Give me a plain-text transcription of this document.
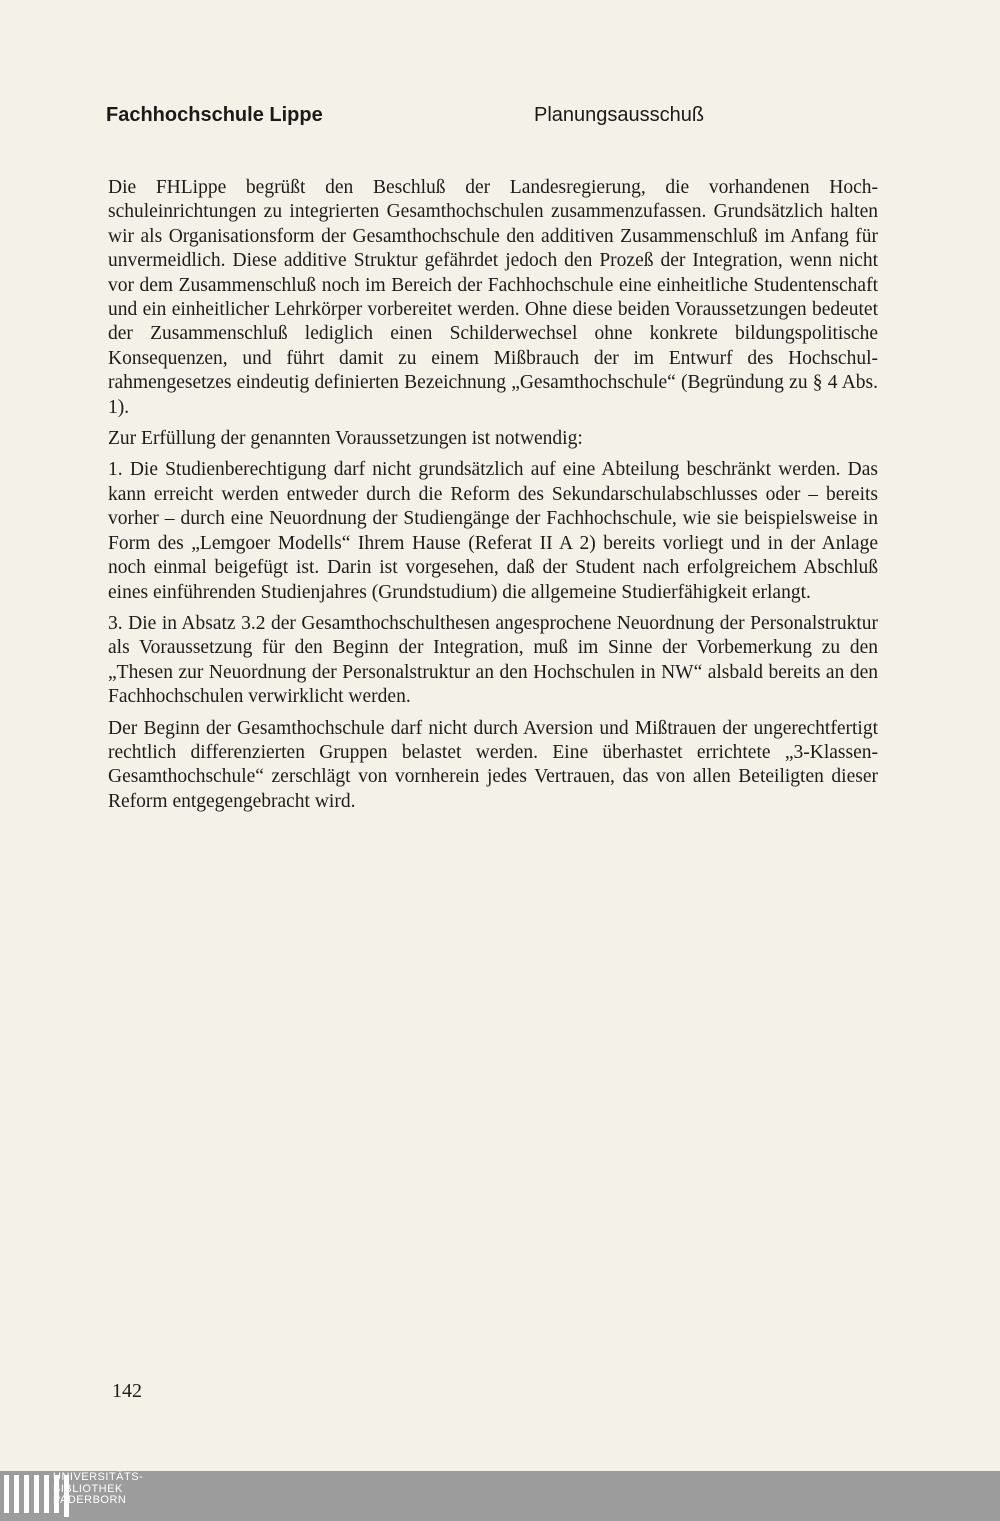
Fachhochschule Lippe	Planungsausschuß

Die FHLippe begrüßt den Beschluß der Landesregierung, die vorhandenen Hochschuleinrichtungen zu integrierten Gesamthochschulen zusammenzufassen. Grundsätzlich halten wir als Organisationsform der Gesamthochschule den additiven Zusammenschluß im Anfang für unvermeidlich. Diese additive Struktur gefährdet jedoch den Prozeß der Integration, wenn nicht vor dem Zusammenschluß noch im Bereich der Fachhochschule eine einheitliche Studentenschaft und ein einheitlicher Lehrkörper vorbereitet werden. Ohne diese beiden Voraussetzungen bedeutet der Zusammenschluß lediglich einen Schilderwechsel ohne konkrete bildungspolitische Konsequenzen, und führt damit zu einem Mißbrauch der im Entwurf des Hochschulrahmengesetzes eindeutig definierten Bezeichnung „Gesamthochschule“ (Begründung zu § 4 Abs. 1).

Zur Erfüllung der genannten Voraussetzungen ist notwendig:

1. Die Studienberechtigung darf nicht grundsätzlich auf eine Abteilung beschränkt werden. Das kann erreicht werden entweder durch die Reform des Sekundarschulabschlusses oder – bereits vorher – durch eine Neuordnung der Studiengänge der Fachhochschule, wie sie beispielsweise in Form des „Lemgoer Modells“ Ihrem Hause (Referat II A 2) bereits vorliegt und in der Anlage noch einmal beigefügt ist. Darin ist vorgesehen, daß der Student nach erfolgreichem Abschluß eines einführenden Studienjahres (Grundstudium) die allgemeine Studierfähigkeit erlangt.

3. Die in Absatz 3.2 der Gesamthochschulthesen angesprochene Neuordnung der Personalstruktur als Voraussetzung für den Beginn der Integration, muß im Sinne der Vorbemerkung zu den „Thesen zur Neuordnung der Personalstruktur an den Hochschulen in NW“ alsbald bereits an den Fachhochschulen verwirklicht werden.

Der Beginn der Gesamthochschule darf nicht durch Aversion und Mißtrauen der ungerechtfertigt rechtlich differenzierten Gruppen belastet werden. Eine überhastet errichtete „3-Klassen-Gesamthochschule“ zerschlägt von vornherein jedes Vertrauen, das von allen Beteiligten dieser Reform entgegengebracht wird.

142
UNIVERSITÄTS-
BIBLIOTHEK
PADERBORN
